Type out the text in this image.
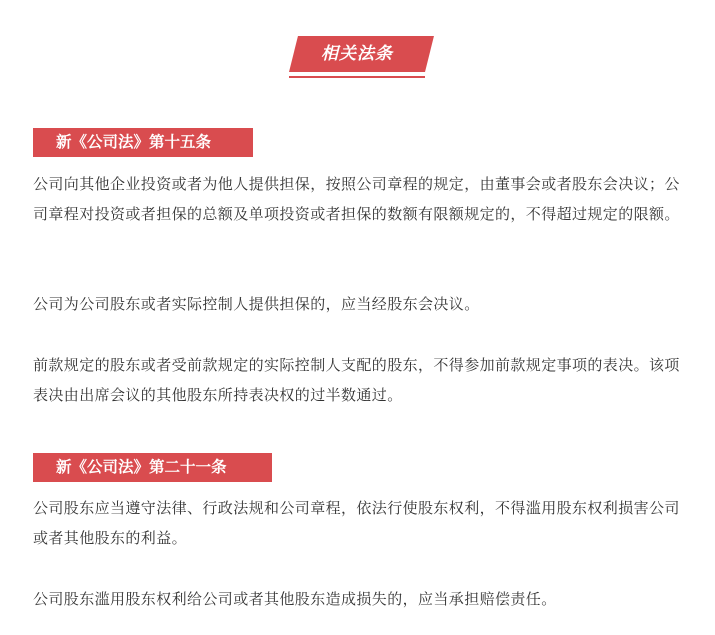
相关法条
新《公司法》第十五条
公司向其他企业投资或者为他人提供担保，按照公司章程的规定，由董事会或者股东会决议；公司章程对投资或者担保的总额及单项投资或者担保的数额有限额规定的，不得超过规定的限额。
公司为公司股东或者实际控制人提供担保的，应当经股东会决议。
前款规定的股东或者受前款规定的实际控制人支配的股东，不得参加前款规定事项的表决。该项表决由出席会议的其他股东所持表决权的过半数通过。
新《公司法》第二十一条
公司股东应当遵守法律、行政法规和公司章程，依法行使股东权利，不得滥用股东权利损害公司或者其他股东的利益。
公司股东滥用股东权利给公司或者其他股东造成损失的，应当承担赔偿责任。
